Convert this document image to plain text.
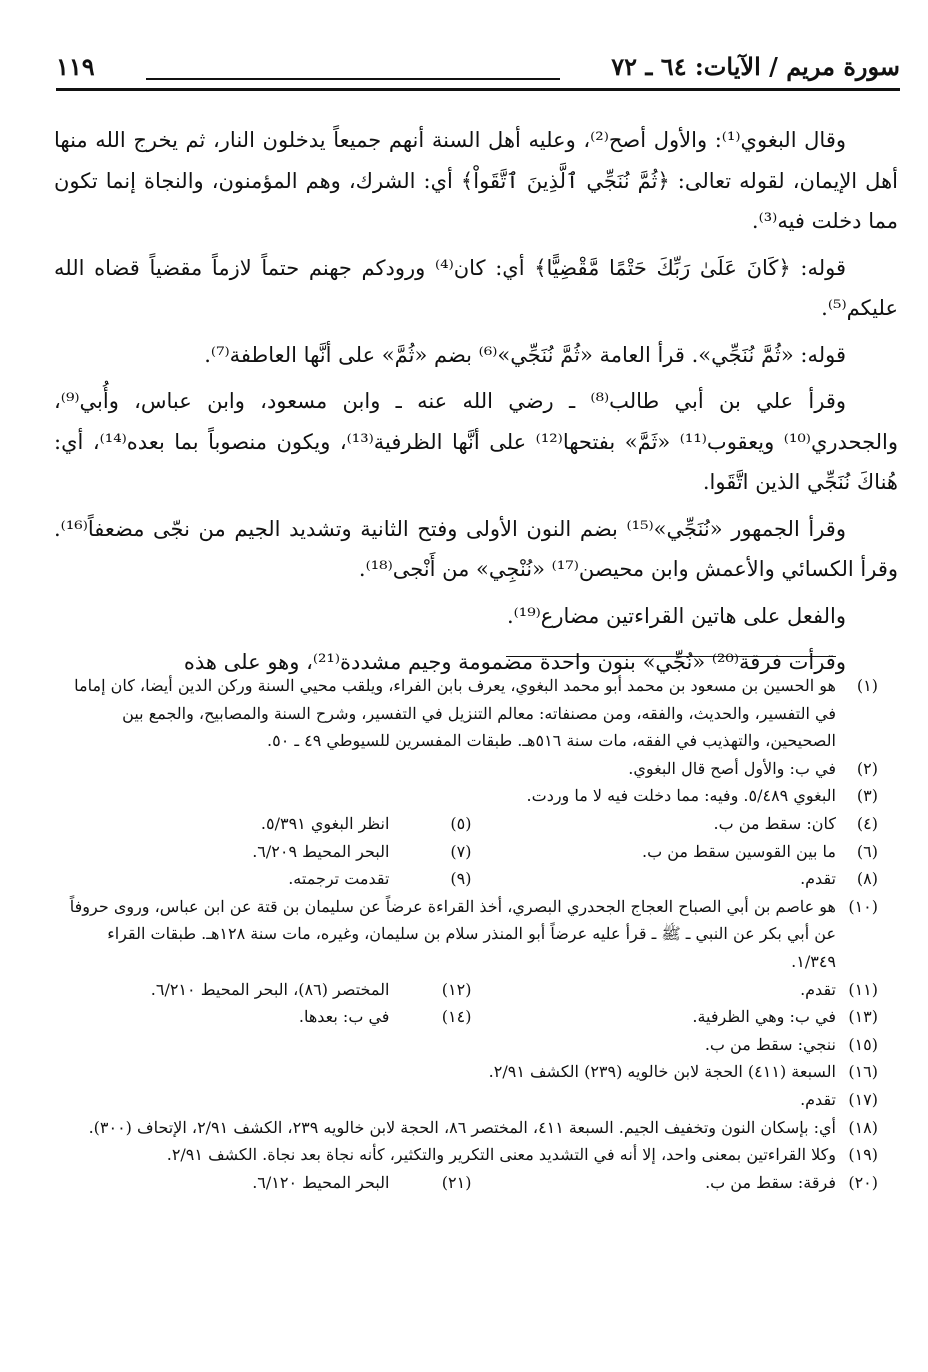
سورة مريم / الآيات: ٦٤ ـ ٧٢
١١٩

وقال البغوي⁽¹⁾: والأول أصح⁽²⁾، وعليه أهل السنة أنهم جميعاً يدخلون النار، ثم يخرج الله منها أهل الإيمان، لقوله تعالى: ﴿ثُمَّ نُنَجِّي ٱلَّذِينَ ٱتَّقَواْ﴾ أي: الشرك، وهم المؤمنون، والنجاة إنما تكون مما دخلت فيه⁽³⁾.

قوله: ﴿كَانَ عَلَىٰ رَبِّكَ حَتْمًا مَّقْضِيًّا﴾ أي: كان⁽⁴⁾ ورودكم جهنم حتماً لازماً مقضياً قضاه الله عليكم⁽⁵⁾.

قوله: «ثُمَّ نُنَجِّي». قرأ العامة «ثُمَّ نُنَجِّي»⁽⁶⁾ بضم «ثُمَّ» على أنَّها العاطفة⁽⁷⁾.

وقرأ علي بن أبي طالب⁽⁸⁾ ـ رضي الله عنه ـ وابن مسعود، وابن عباس، وأُبي⁽⁹⁾، والجحدري⁽¹⁰⁾ ويعقوب⁽¹¹⁾ «ثَمَّ» بفتحها⁽¹²⁾ على أنَّها الظرفية⁽¹³⁾، ويكون منصوباً بما بعده⁽¹⁴⁾، أي: هُناكَ نُنَجِّي الذين اتَّقَوا.

وقرأ الجمهور «نُنَجِّي»⁽¹⁵⁾ بضم النون الأولى وفتح الثانية وتشديد الجيم من نجّى مضعفاً⁽¹⁶⁾. وقرأ الكسائي والأعمش وابن محيصن⁽¹⁷⁾ «نُنْجِي» من أَنْجى⁽¹⁸⁾.

والفعل على هاتين القراءتين مضارع⁽¹⁹⁾.

وقرأت فرقة⁽²⁰⁾ «نُجِّي» بنون واحدة مضمومة وجيم مشددة⁽²¹⁾، وهو على هذه

(١)
هو الحسين بن مسعود بن محمد أبو محمد البغوي، يعرف بابن الفراء، ويلقب محيي السنة وركن الدين أيضا، كان إماما في التفسير، والحديث، والفقه، ومن مصنفاته: معالم التنزيل في التفسير، وشرح السنة والمصابيح، والجمع بين الصحيحين، والتهذيب في الفقه، مات سنة ٥١٦هـ. طبقات المفسرين للسيوطي ٤٩ ـ ٥٠.
(٢)
في ب: والأول أصح قال البغوي.
(٣)
البغوي ٥/٤٨٩. وفيه: مما دخلت فيه لا ما وردت.
(٤)
كان: سقط من ب.
(٥)
انظر البغوي ٥/٣٩١.
(٦)
ما بين القوسين سقط من ب.
(٧)
البحر المحيط ٦/٢٠٩.
(٨)
تقدم.
(٩)
تقدمت ترجمته.
(١٠)
هو عاصم بن أبي الصباح العجاج الجحدري البصري، أخذ القراءة عرضاً عن سليمان بن قتة عن ابن عباس، وروى حروفاً عن أبي بكر عن النبي ـ ﷺ ـ قرأ عليه عرضاً أبو المنذر سلام بن سليمان، وغيره، مات سنة ١٢٨هـ. طبقات القراء ١/٣٤٩.
(١١)
تقدم.
(١٢)
المختصر (٨٦)، البحر المحيط ٦/٢١٠.
(١٣)
في ب: وهي الظرفية.
(١٤)
في ب: بعدها.
(١٥)
ننجي: سقط من ب.
(١٦)
السبعة (٤١١) الحجة لابن خالويه (٢٣٩) الكشف ٢/٩١.
(١٧)
تقدم.
(١٨)
أي: بإسكان النون وتخفيف الجيم. السبعة ٤١١، المختصر ٨٦، الحجة لابن خالويه ٢٣٩، الكشف ٢/٩١، الإتحاف (٣٠٠).
(١٩)
وكلا القراءتين بمعنى واحد، إلا أنه في التشديد معنى التكرير والتكثير، كأنه نجاة بعد نجاة. الكشف ٢/٩١.
(٢٠)
فرقة: سقط من ب.
(٢١)
البحر المحيط ٦/١٢٠.
